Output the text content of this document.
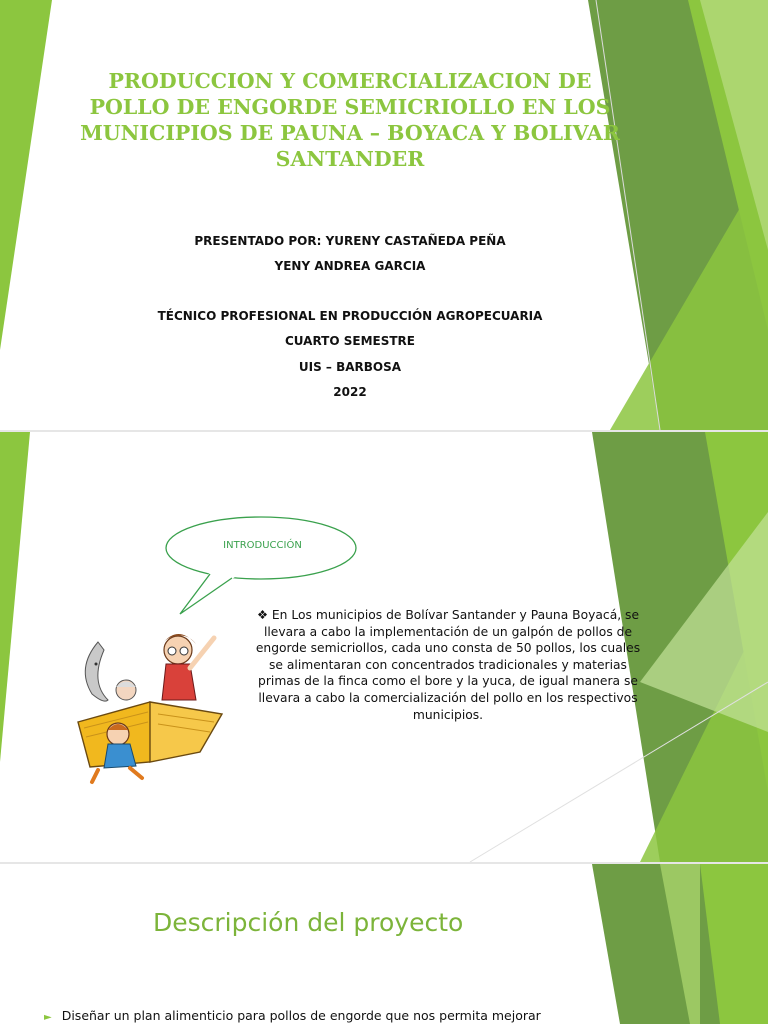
PRODUCCION Y COMERCIALIZACION DE POLLO DE ENGORDE SEMICRIOLLO EN LOS MUNICIPIOS DE PAUNA – BOYACA Y BOLIVAR SANTANDER

PRESENTADO POR: YURENY CASTAÑEDA PEÑA

YENY ANDREA GARCIA

TÉCNICO PROFESIONAL EN PRODUCCIÓN AGROPECUARIA

CUARTO SEMESTRE

UIS – BARBOSA

2022

INTRODUCCIÓN

❖ En Los municipios de Bolívar Santander y Pauna Boyacá, se llevara a cabo la implementación de un galpón de pollos de engorde semicriollos, cada uno consta de 50 pollos, los cuales se alimentaran con concentrados tradicionales y materias primas de la finca como el bore y la yuca, de igual manera se llevara a cabo la comercialización del pollo en los respectivos municipios.

Descripción del proyecto
► Diseñar un plan alimenticio para pollos de engorde que nos permita mejorar
